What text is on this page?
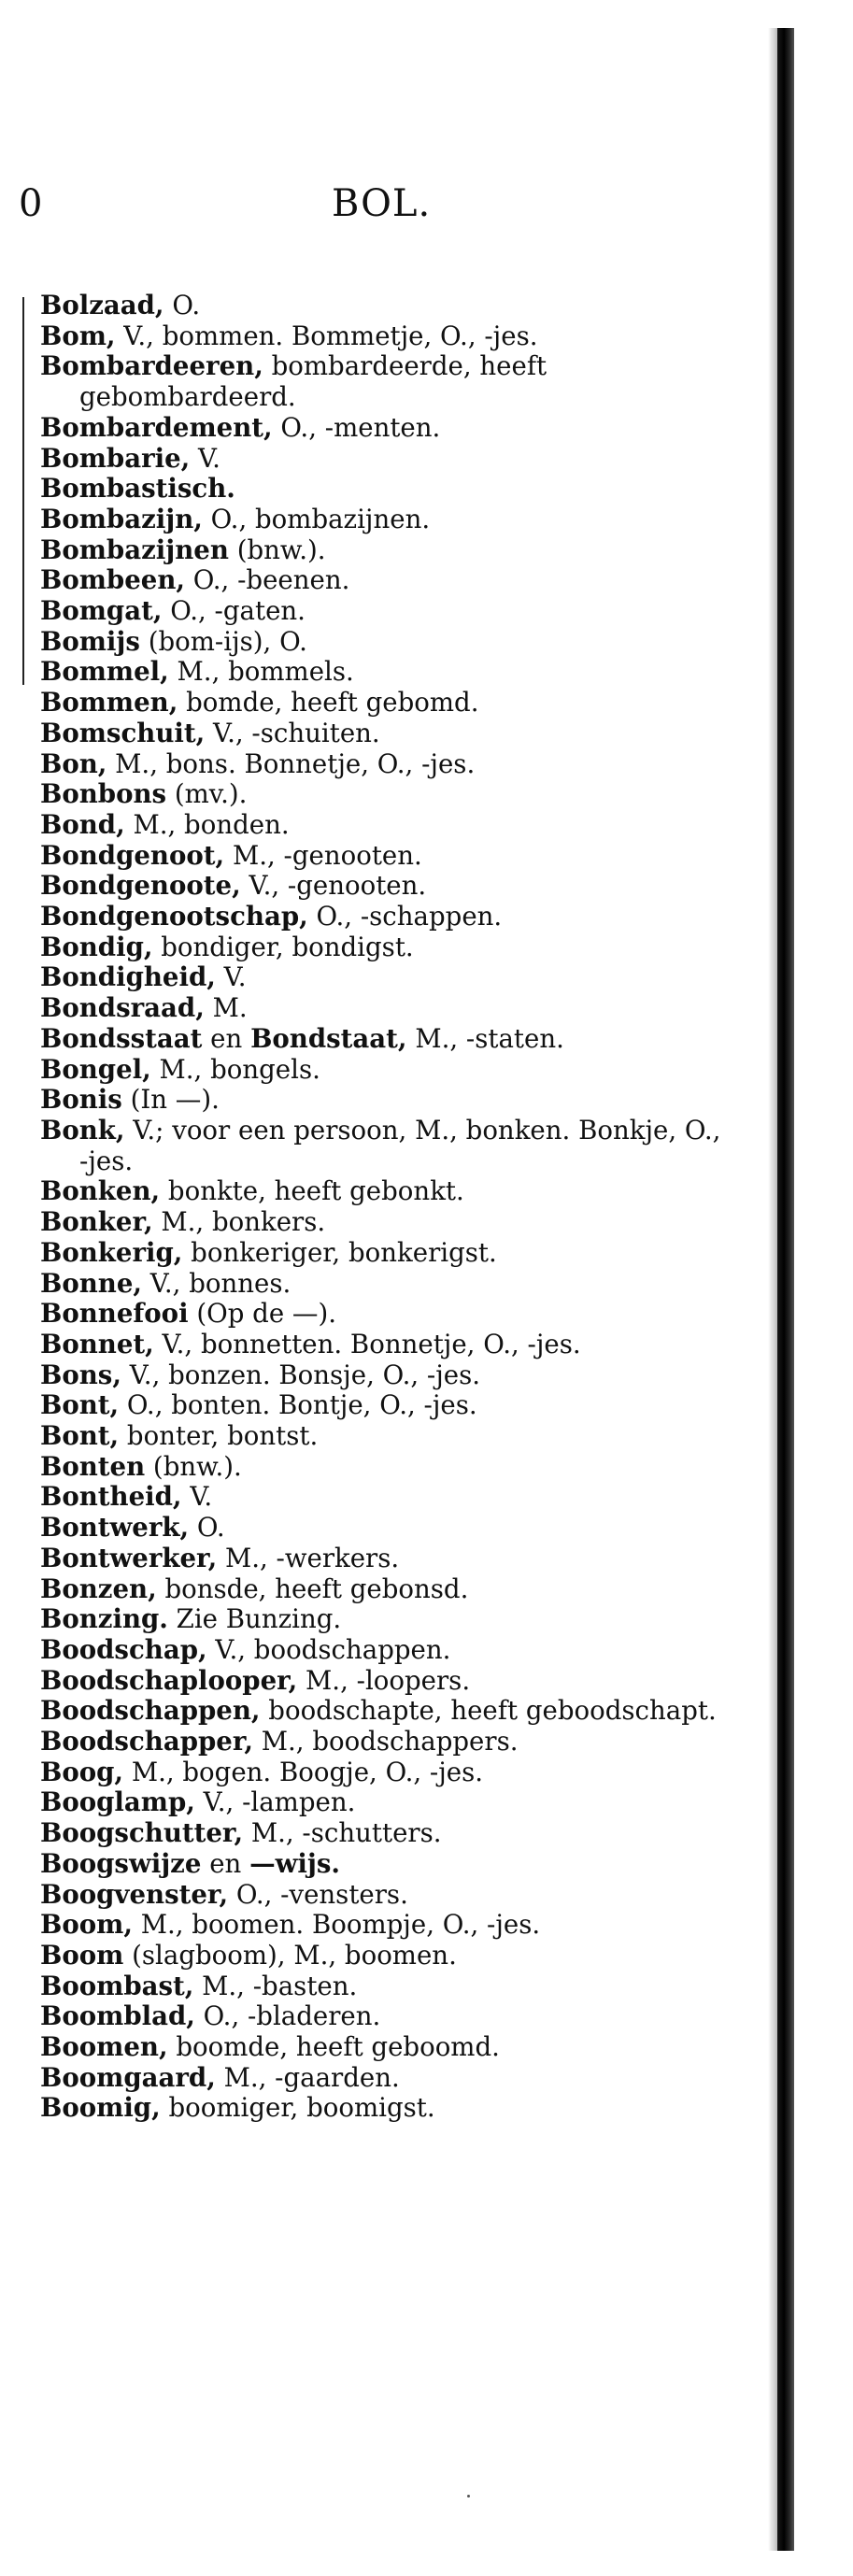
0	BOL.

Bolzaad, O.

Bom, V., bommen. Bommetje, O., -jes.

Bombardeeren, bombardeerde, heeft gebombardeerd.

Bombardement, O., -menten.

Bombarie, V.

Bombastisch.

Bombazijn, O., bombazijnen.

Bombazijnen (bnw.).

Bombeen, O., -beenen.

Bomgat, O., -gaten.

Bomijs (bom-ijs), O.

Bommel, M., bommels.

Bommen, bomde, heeft gebomd.

Bomschuit, V., -schuiten.

Bon, M., bons. Bonnetje, O., -jes.

Bonbons (mv.).

Bond, M., bonden.

Bondgenoot, M., -genooten.

Bondgenoote, V., -genooten.

Bondgenootschap, O., -schappen.

Bondig, bondiger, bondigst.

Bondigheid, V.

Bondsraad, M.

Bondsstaat en Bondstaat, M., -staten.

Bongel, M., bongels.

Bonis (In —).

Bonk, V.; voor een persoon, M., bonken. Bonkje, O., -jes.

Bonken, bonkte, heeft gebonkt.

Bonker, M., bonkers.

Bonkerig, bonkeriger, bonkerigst.

Bonne, V., bonnes.

Bonnefooi (Op de —).

Bonnet, V., bonnetten. Bonnetje, O., -jes.

Bons, V., bonzen. Bonsje, O., -jes.

Bont, O., bonten. Bontje, O., -jes.

Bont, bonter, bontst.

Bonten (bnw.).

Bontheid, V.

Bontwerk, O.

Bontwerker, M., -werkers.

Bonzen, bonsde, heeft gebonsd.

Bonzing. Zie Bunzing.

Boodschap, V., boodschappen.

Boodschaplooper, M., -loopers.

Boodschappen, boodschapte, heeft geboodschapt.

Boodschapper, M., boodschappers.

Boog, M., bogen. Boogje, O., -jes.

Booglamp, V., -lampen.

Boogschutter, M., -schutters.

Boogswijze en —wijs.

Boogvenster, O., -vensters.

Boom, M., boomen. Boompje, O., -jes.

Boom (slagboom), M., boomen.

Boombast, M., -basten.

Boomblad, O., -bladeren.

Boomen, boomde, heeft geboomd.

Boomgaard, M., -gaarden.

Boomig, boomiger, boomigst.
